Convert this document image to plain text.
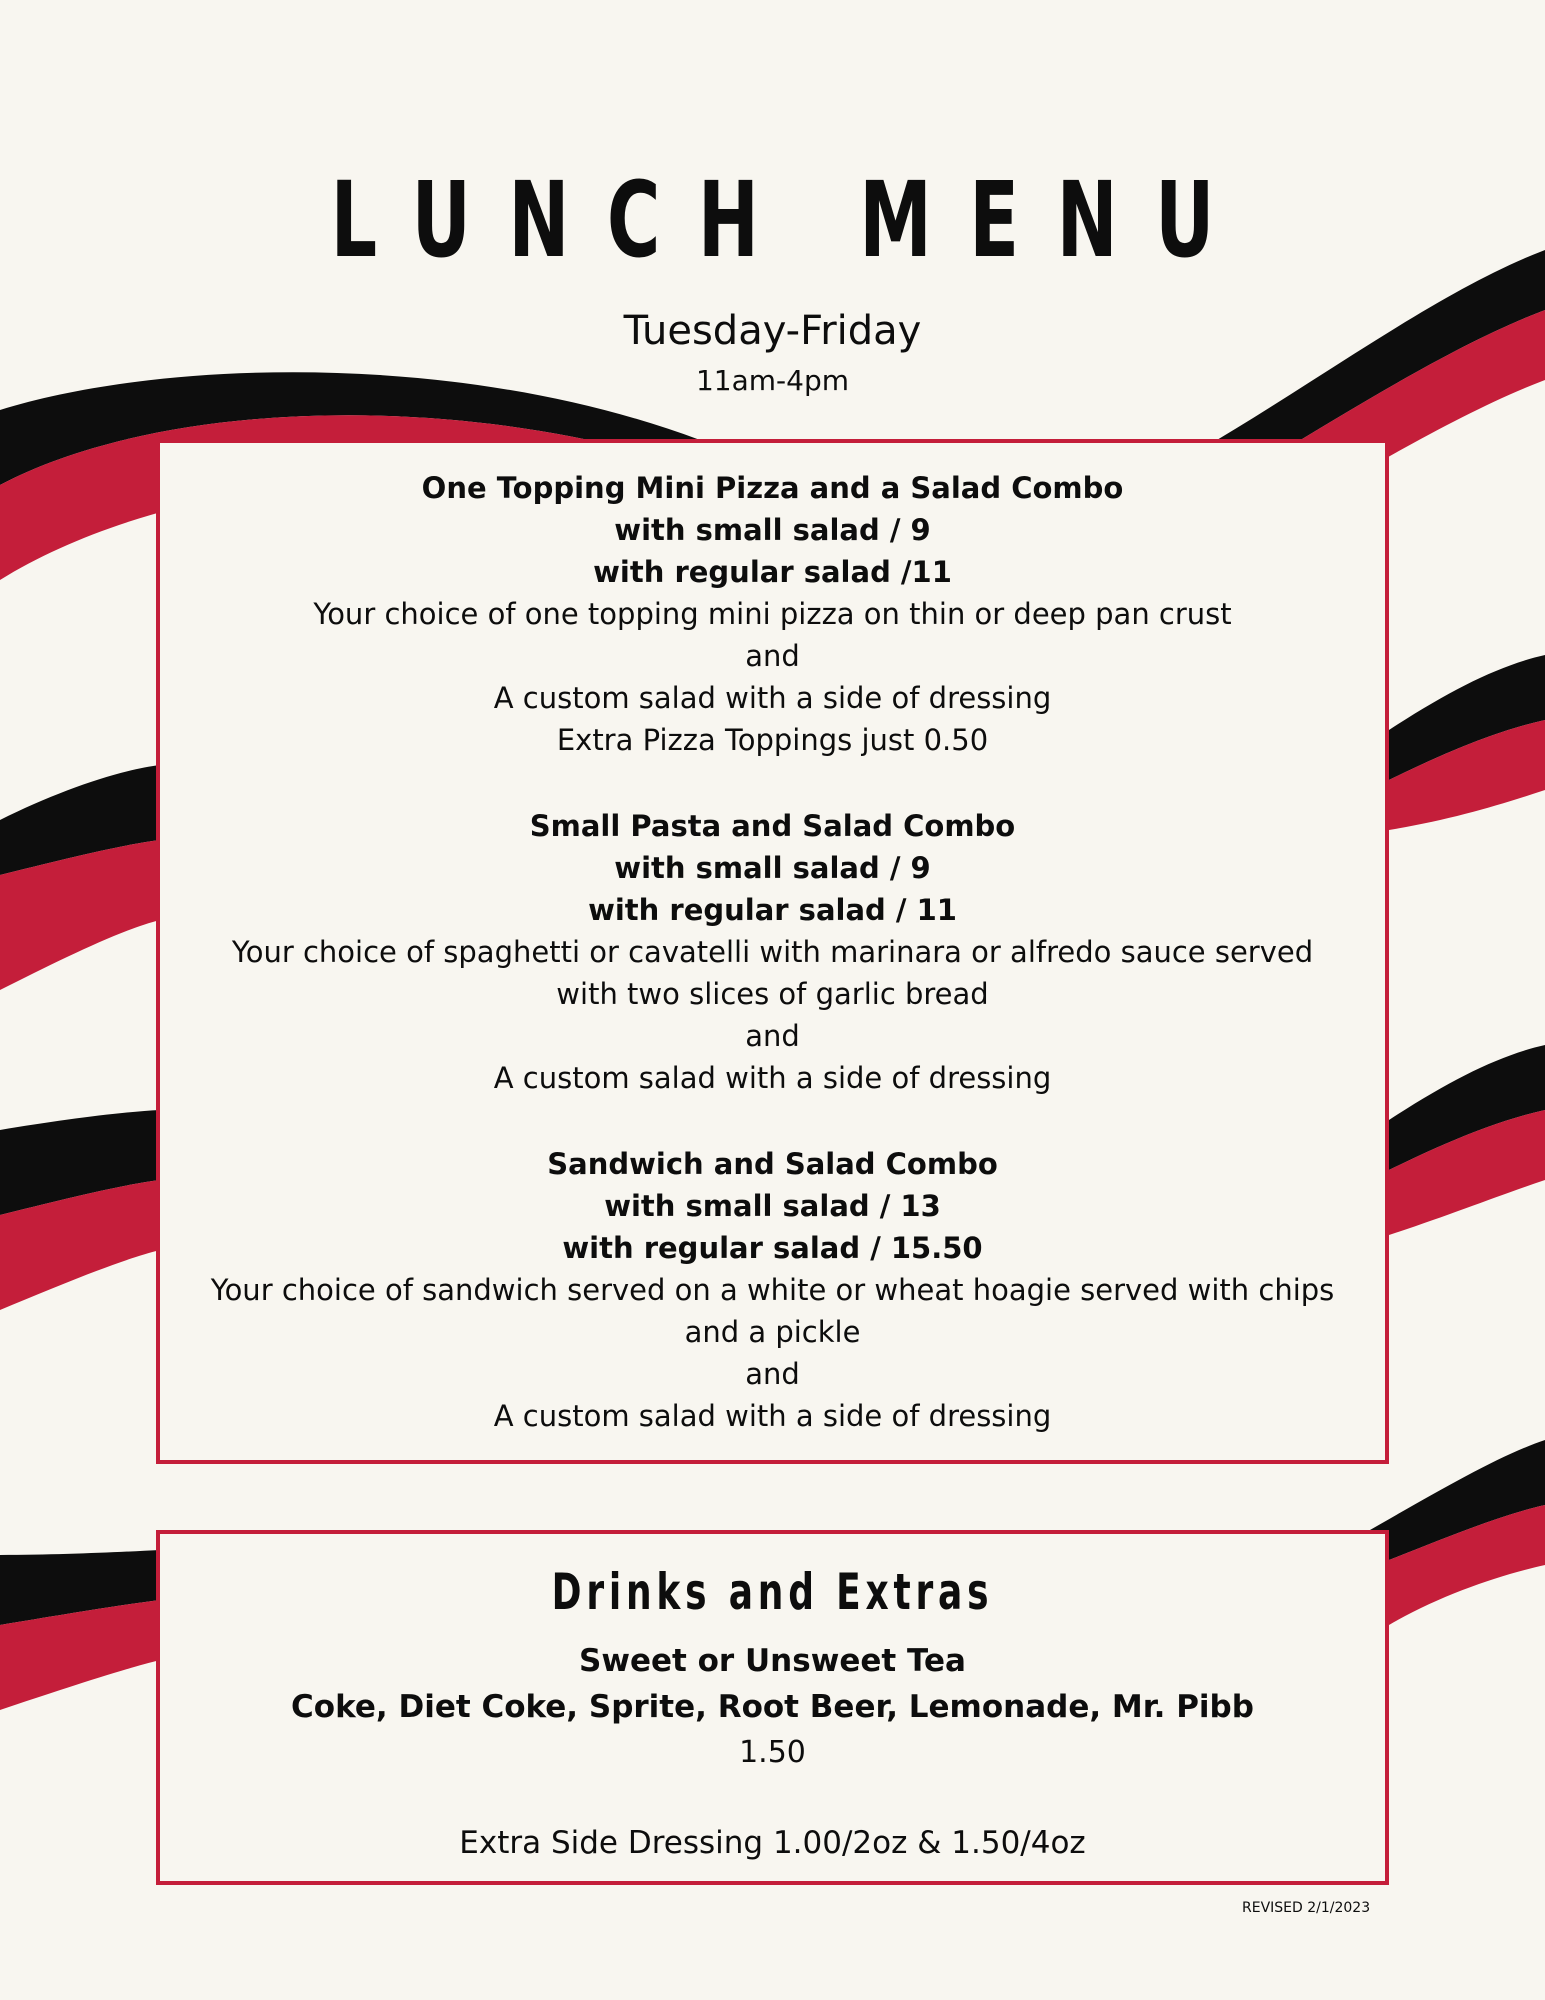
LUNCH MENU
Tuesday-Friday
11am-4pm

One Topping Mini Pizza and a Salad Combo

with small salad / 9

with regular salad /11

Your choice of one topping mini pizza on thin or deep pan crust

and

A custom salad with a side of dressing

Extra Pizza Toppings just 0.50

Small Pasta and Salad Combo

with small salad / 9

with regular salad / 11

Your choice of spaghetti or cavatelli with marinara or alfredo sauce served

with two slices of garlic bread

and

A custom salad with a side of dressing

Sandwich and Salad Combo

with small salad / 13

with regular salad / 15.50

Your choice of sandwich served on a white or wheat hoagie served with chips

and a pickle

and

A custom salad with a side of dressing

Drinks and Extras
Sweet or Unsweet Tea
Coke, Diet Coke, Sprite, Root Beer, Lemonade, Mr. Pibb
1.50
Extra Side Dressing 1.00/2oz & 1.50/4oz
REVISED 2/1/2023
